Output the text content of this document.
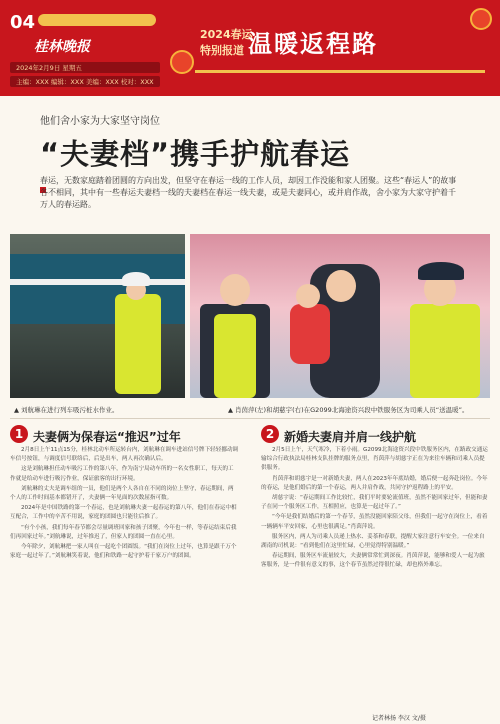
04
桂林晚报
2024年2月9日 星期五
主编：XXX 编辑：XXX 美编：XXX 校对：XXX
2024春运
特别报道 温暖返程路
他们舍小家为大家坚守岗位
“夫妻档”携手护航春运
春运，无数家庭踏着团圆的方向出发，但坚守在春运一线的工作人员，却因工作没能和家人团聚。这些“春运人”的故事各不相同，其中有一些春运夫妻档一线的夫妻档在春运一线夫妻，或是夫妻同心，或并肩作战，舍小家为大家守护着千万人的春运路。
▲ 刘航琳在进行列车吸污桩水作业。	▲ 肖茵萍(左)和胡慈宇(右)在G2099北海途资兴段中铁服务区为司乘人员“送温暖”。
1 夫妻俩为保春运“推迟”过年

2月8日上午11点15分，桂林北动车所运转台内，刘航琳在调车进站信号牌下轻轻挪动调车信号按钮，与调度信号联络后，后是出车，两人再次确认后。

这是刘航琳担任动车吸污工作的第八年，作为南宁局动车所的一名女性职工，每天的工作就是给动车进行吸污作业，保证旅客的出行环境。

刘航琳的丈夫是调车组的一员，他们是两个人各自在不同的岗位上坚守，春运期间，两个人的工作时间基本都错开了，夫妻俩一年见面的次数屈指可数。

2024年是中国铁路的第一个春运，也是刘航琳夫妻一起春运的第八年，他们在春运中相互配合，工作中的辛苦不用说，家庭的团圆也只能往后推了。

“有个小孩，我们每年春节都会尽量调班回家和孩子团聚，今年也一样，等春运结束后我们再回家过年。”刘航琳说，过年推迟了，但家人的团圆一直在心里。

今年除夕，刘航琳把一家人叫在一起吃个团圆饭。“我们在岗位上过年，也算是跟千万个家庭一起过年了。”刘航琳笑着说，他们和铁路一起守护着千家万户的团圆。

2 新婚夫妻肩并肩一线护航

2月5日上午，天气寒冷，下着小雨。G2099北海途资兴段中铁服务区内，在路政交通运输综合行政执法局桂林支队挂牌的服务点里，肖茵萍与胡慈宇正在为来往车辆和司乘人员提供服务。

肖茵萍和胡慈宇是一对新婚夫妻，两人在2023年年底结婚，婚后便一起奔赴岗位。今年的春运，是他们婚后的第一个春运，两人并肩作战，共同守护返程路上的平安。

胡慈宇说：“春运期间工作比较忙，我们平时要轮流值班，虽然不能回家过年，但能和妻子在同一个服务区工作，互相照应，也算是一起过年了。”

“今年是我们结婚后的第一个春节，虽然没能回家陪父母，但我们一起守在岗位上，看着一辆辆车平安回家，心里也很满足。”肖茵萍说。

服务区内，两人为司乘人员递上热水、姜茶和春联，提醒大家注意行车安全。一位来自湖南的司机说：“看到他们在这里忙碌，心里觉得特别温暖。”

春运期间，服务区车流量较大，夫妻俩常常忙到深夜。肖茵萍说，能够和爱人一起为旅客服务，是一件很有意义的事，这个春节虽然过得很忙碌，却也格外难忘。

记者林扬 李汉 文/摄
